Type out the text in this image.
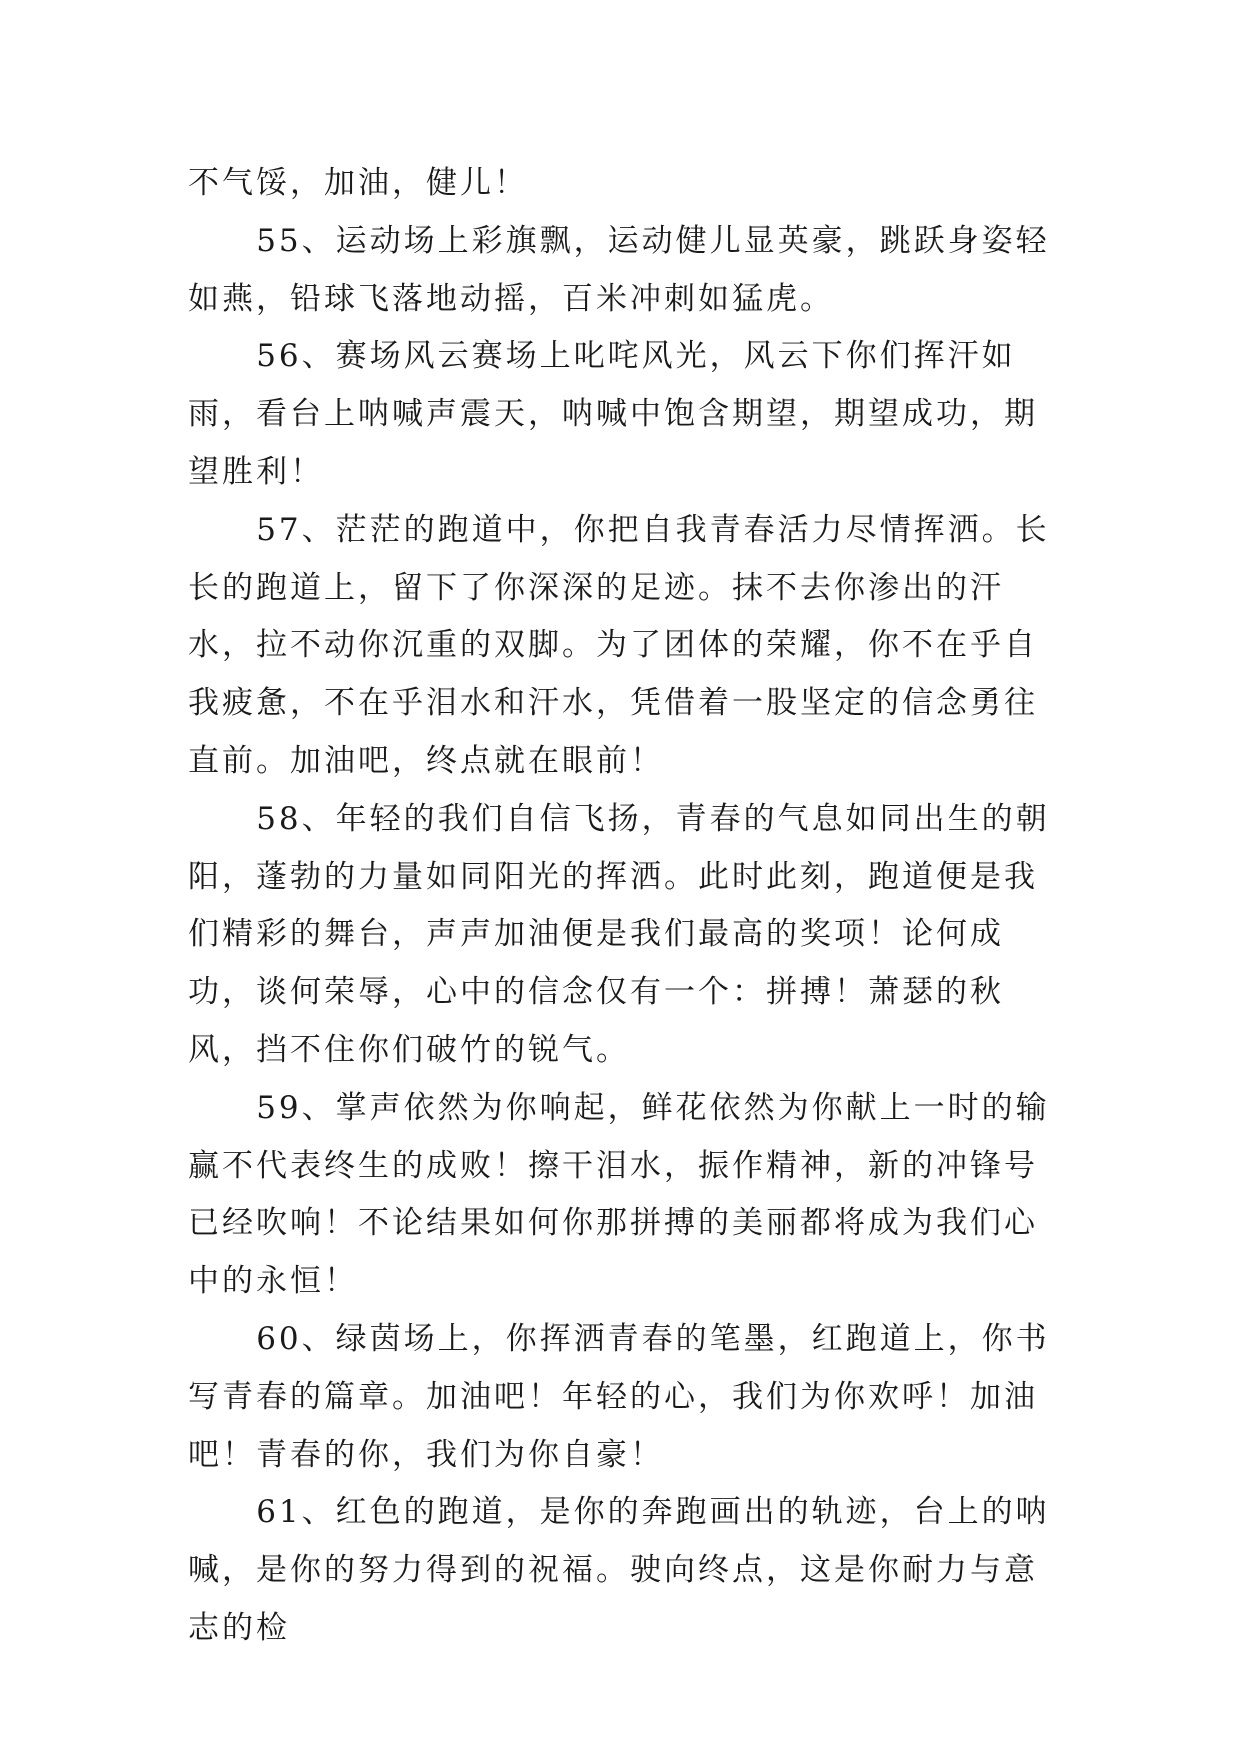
不气馁，加油，健儿！

55、运动场上彩旗飘，运动健儿显英豪，跳跃身姿轻如燕，铅球飞落地动摇，百米冲刺如猛虎。

56、赛场风云赛场上叱咤风光，风云下你们挥汗如雨，看台上呐喊声震天，呐喊中饱含期望，期望成功，期望胜利！

57、茫茫的跑道中，你把自我青春活力尽情挥洒。长长的跑道上，留下了你深深的足迹。抹不去你渗出的汗水，拉不动你沉重的双脚。为了团体的荣耀，你不在乎自我疲惫，不在乎泪水和汗水，凭借着一股坚定的信念勇往直前。加油吧，终点就在眼前！

58、年轻的我们自信飞扬，青春的气息如同出生的朝阳，蓬勃的力量如同阳光的挥洒。此时此刻，跑道便是我们精彩的舞台，声声加油便是我们最高的奖项！论何成功，谈何荣辱，心中的信念仅有一个：拼搏！萧瑟的秋风，挡不住你们破竹的锐气。

59、掌声依然为你响起，鲜花依然为你献上一时的输赢不代表终生的成败！擦干泪水，振作精神，新的冲锋号已经吹响！不论结果如何你那拼搏的美丽都将成为我们心中的永恒！

60、绿茵场上，你挥洒青春的笔墨，红跑道上，你书写青春的篇章。加油吧！年轻的心，我们为你欢呼！加油吧！青春的你，我们为你自豪！

61、红色的跑道，是你的奔跑画出的轨迹，台上的呐喊，是你的努力得到的祝福。驶向终点，这是你耐力与意志的检
